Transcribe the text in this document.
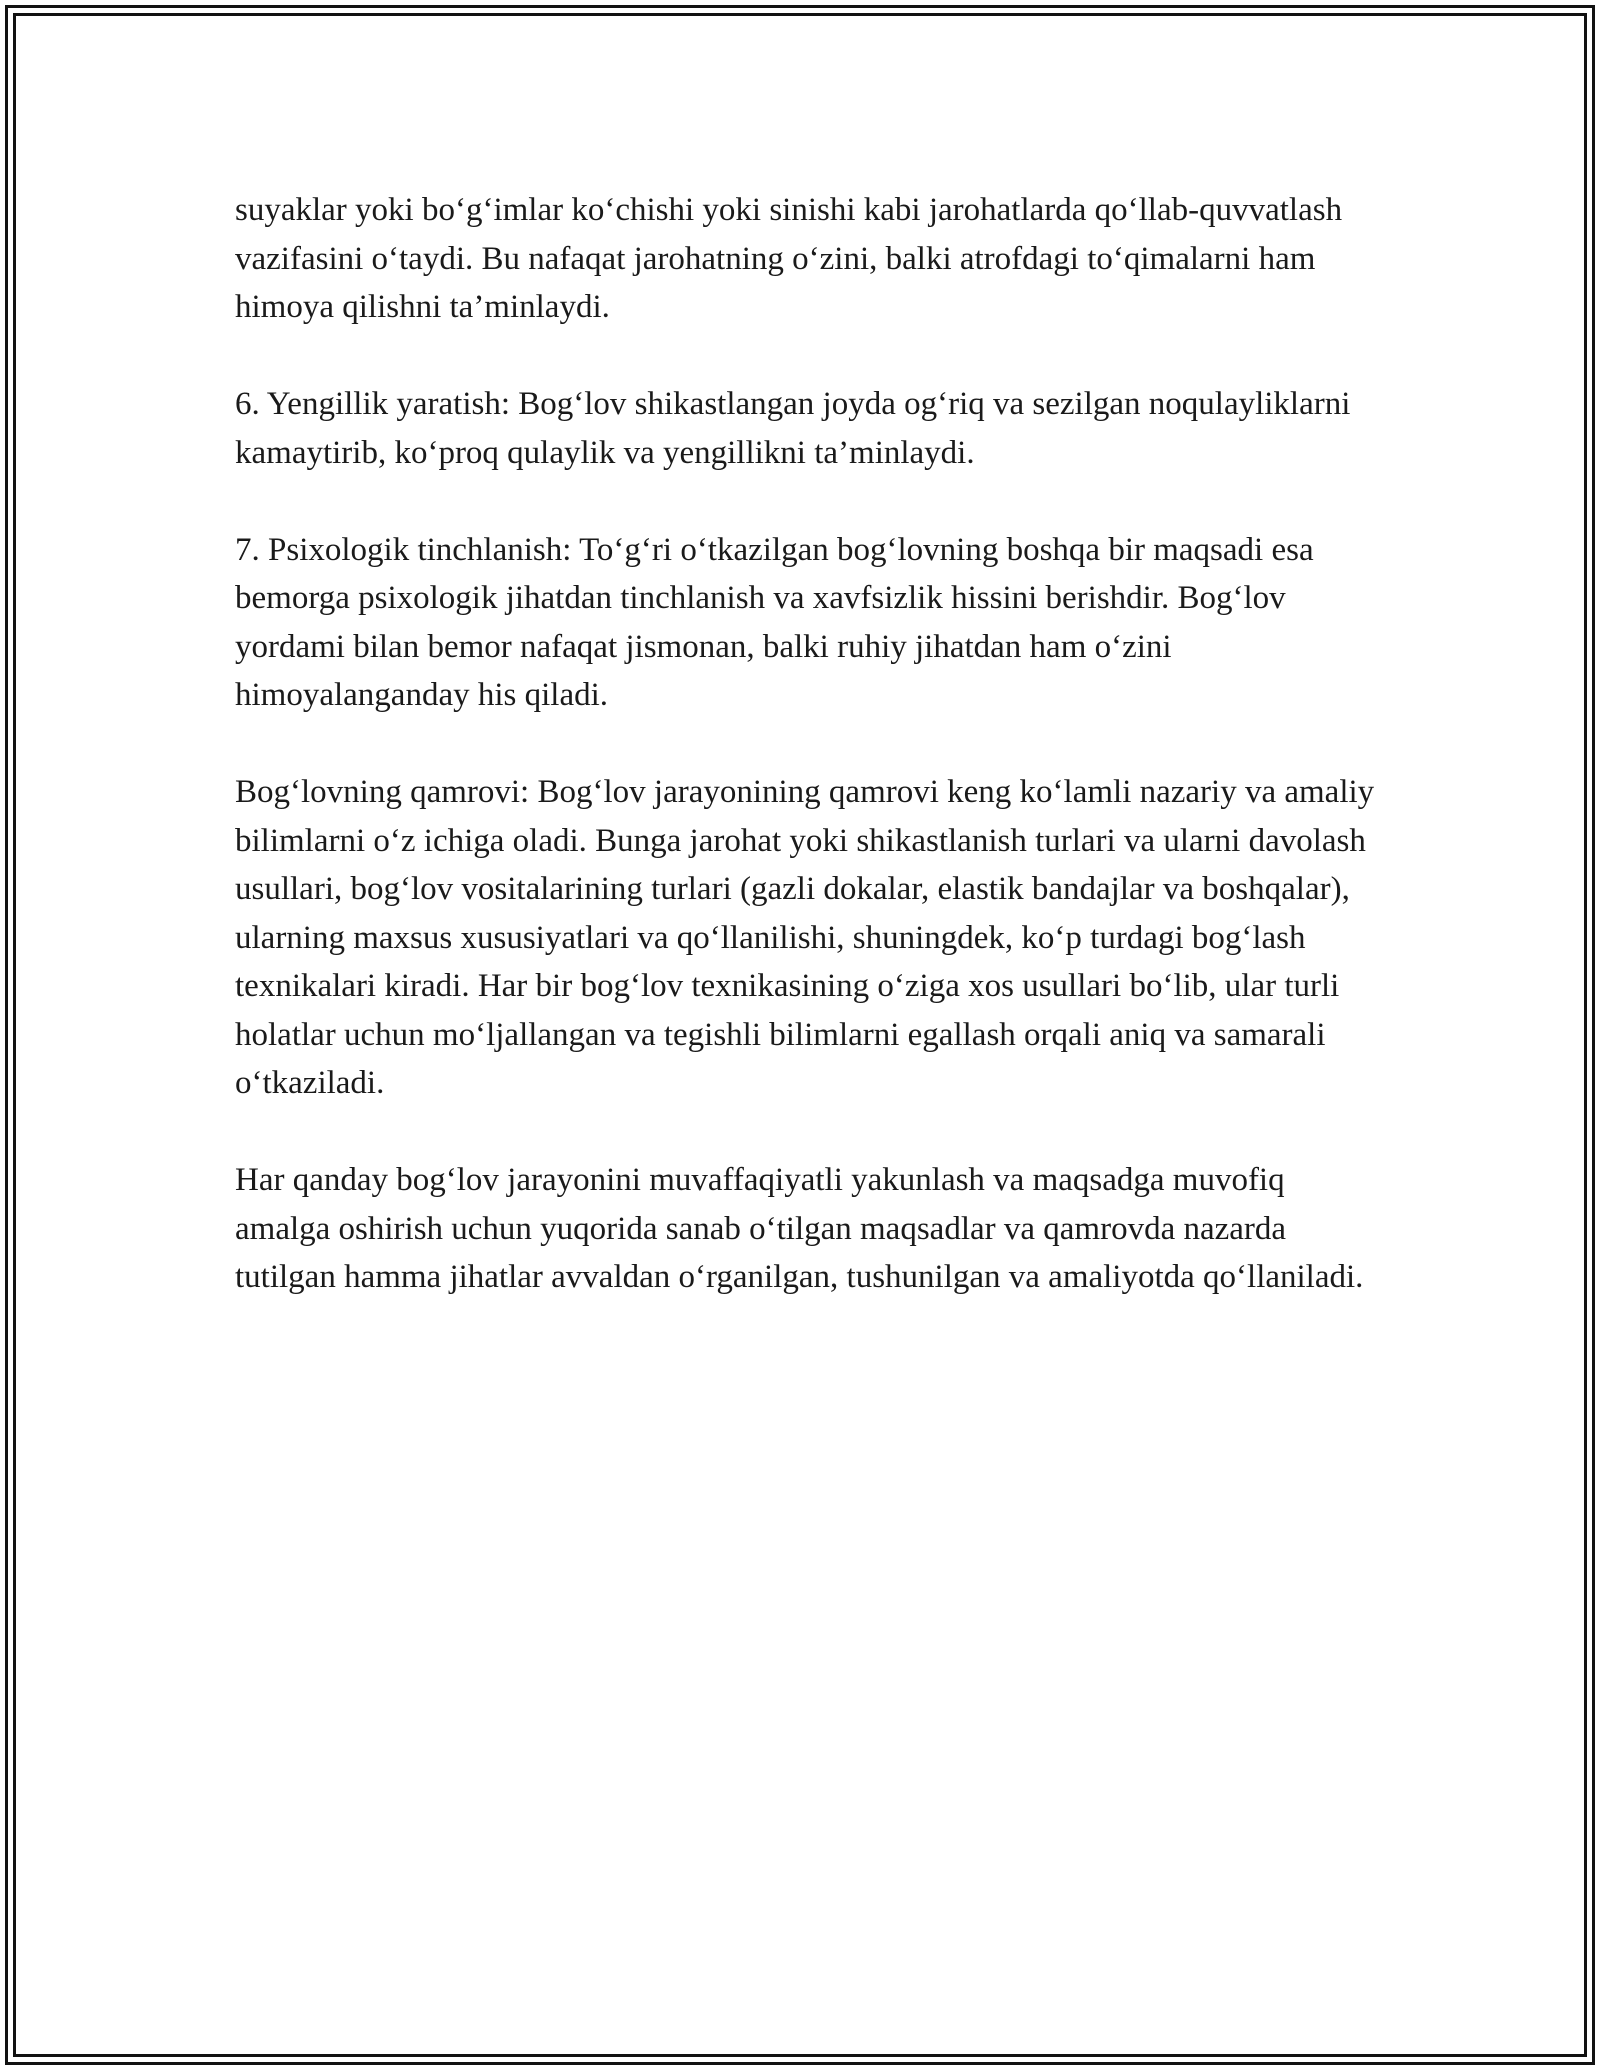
suyaklar yoki bo‘g‘imlar ko‘chishi yoki sinishi kabi jarohatlarda qo‘llab-quvvatlash vazifasini o‘taydi. Bu nafaqat jarohatning o‘zini, balki atrofdagi to‘qimalarni ham himoya qilishni ta’minlaydi.

6. Yengillik yaratish: Bog‘lov shikastlangan joyda og‘riq va sezilgan noqulayliklarni kamaytirib, ko‘proq qulaylik va yengillikni ta’minlaydi.

7. Psixologik tinchlanish: To‘g‘ri o‘tkazilgan bog‘lovning boshqa bir maqsadi esa bemorga psixologik jihatdan tinchlanish va xavfsizlik hissini berishdir. Bog‘lov yordami bilan bemor nafaqat jismonan, balki ruhiy jihatdan ham o‘zini himoyalanganday his qiladi.

Bog‘lovning qamrovi: Bog‘lov jarayonining qamrovi keng ko‘lamli nazariy va amaliy bilimlarni o‘z ichiga oladi. Bunga jarohat yoki shikastlanish turlari va ularni davolash usullari, bog‘lov vositalarining turlari (gazli dokalar, elastik bandajlar va boshqalar), ularning maxsus xususiyatlari va qo‘llanilishi, shuningdek, ko‘p turdagi bog‘lash texnikalari kiradi. Har bir bog‘lov texnikasining o‘ziga xos usullari bo‘lib, ular turli holatlar uchun mo‘ljallangan va tegishli bilimlarni egallash orqali aniq va samarali o‘tkaziladi.

Har qanday bog‘lov jarayonini muvaffaqiyatli yakunlash va maqsadga muvofiq amalga oshirish uchun yuqorida sanab o‘tilgan maqsadlar va qamrovda nazarda tutilgan hamma jihatlar avvaldan o‘rganilgan, tushunilgan va amaliyotda qo‘llaniladi.
